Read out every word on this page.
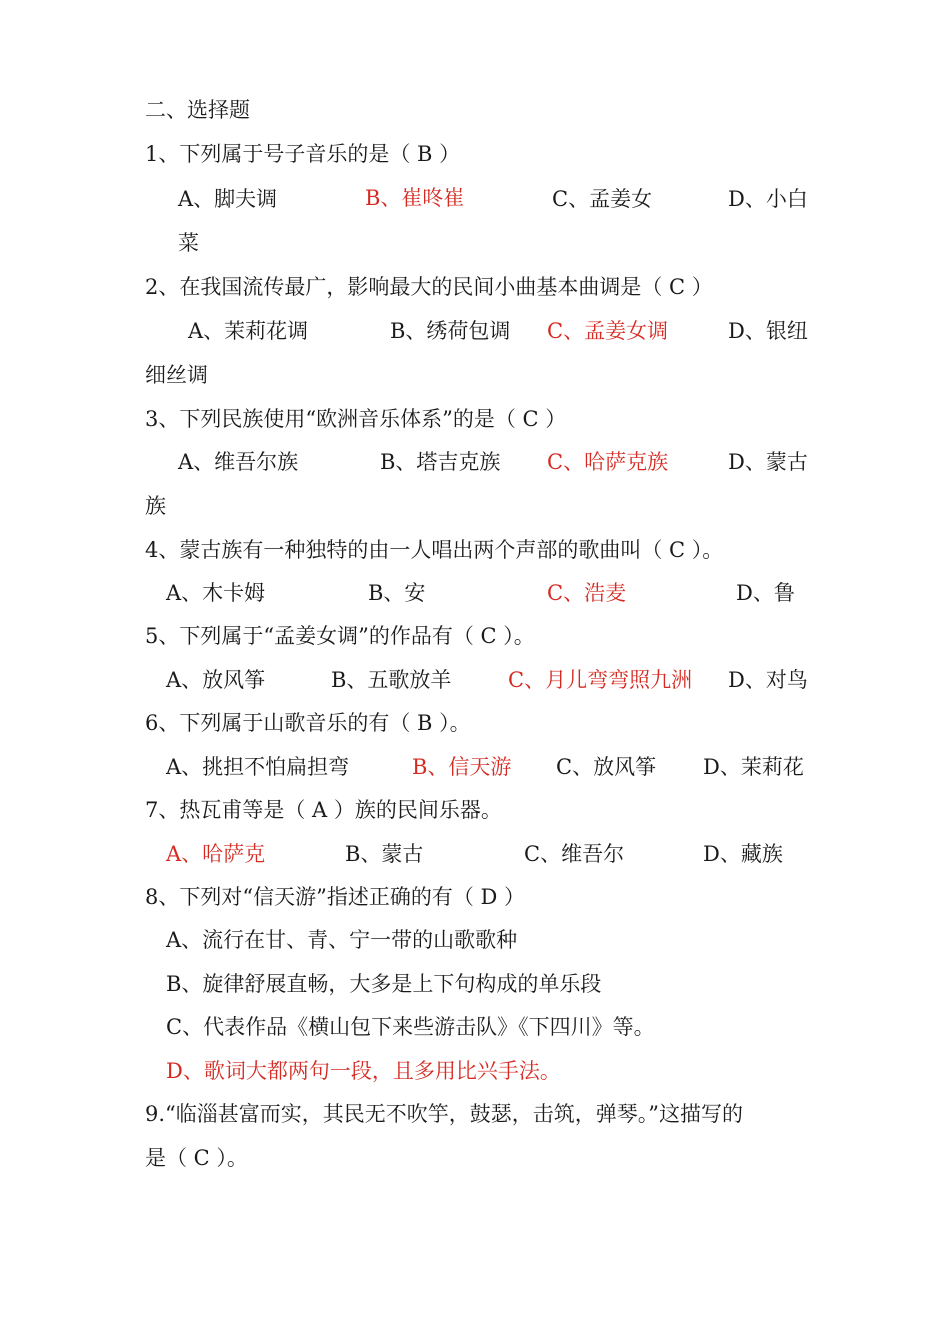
二、选择题
1、下列属于号子音乐的是（ B ）
A、脚夫调	B、崔咚崔	C、孟姜女	D、小白
菜
2、在我国流传最广，影响最大的民间小曲基本曲调是（ C ）
A、茉莉花调	B、绣荷包调 C、孟姜女调	D、银纽
细丝调
3、下列民族使用“欧洲音乐体系”的是（ C ）
A、维吾尔族	B、塔吉克族 C、哈萨克族	D、蒙古
族
4、蒙古族有一种独特的由一人唱出两个声部的歌曲叫（ C ）。
A、木卡姆	B、安	C、浩麦	D、鲁
5、下列属于“孟姜女调”的作品有（ C ）。
A、放风筝	B、五歌放羊	C、月儿弯弯照九洲 D、对鸟
6、下列属于山歌音乐的有（ B ）。
A、挑担不怕扁担弯	B、信天游 C、放风筝 D、茉莉花
7、热瓦甫等是（ A ）族的民间乐器。
A、哈萨克	B、蒙古	C、维吾尔	D、藏族
8、下列对“信天游”指述正确的有（ D ）
A、流行在甘、青、宁一带的山歌歌种
B、旋律舒展直畅，大多是上下句构成的单乐段
C、代表作品《横山包下来些游击队》《下四川》等。
D、歌词大都两句一段，且多用比兴手法。
9.“临淄甚富而实，其民无不吹竽，鼓瑟，击筑，弹琴。”这描写的
是（ C ）。
